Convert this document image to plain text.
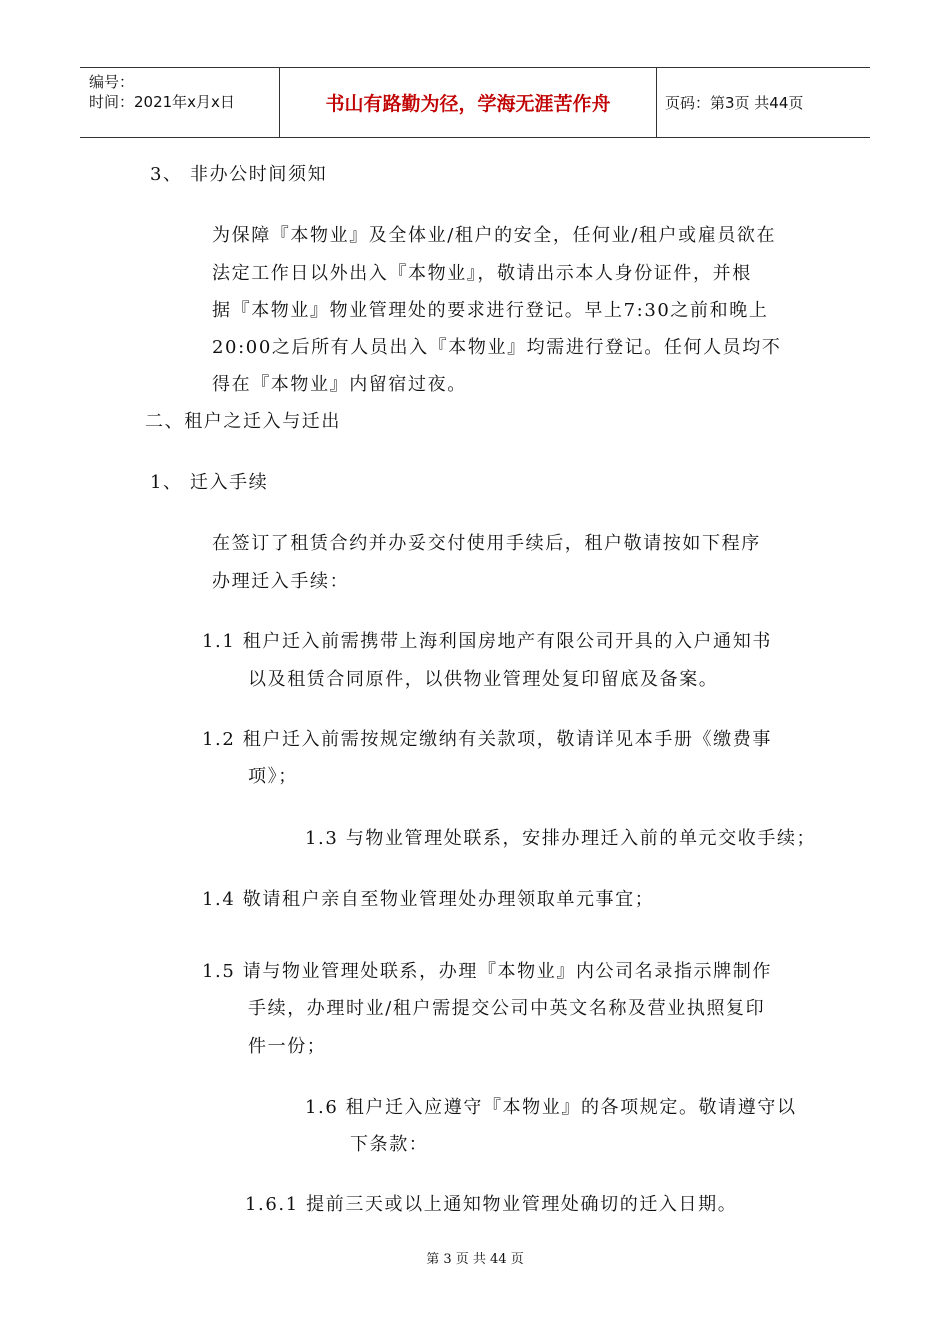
编号：
时间：2021年x月x日	书山有路勤为径，学海无涯苦作舟	页码：第3页 共44页
3、 非办公时间须知
为保障『本物业』及全体业/租户的安全，任何业/租户或雇员欲在
法定工作日以外出入『本物业』，敬请出示本人身份证件，并根
据『本物业』物业管理处的要求进行登记。早上7:30之前和晚上
20:00之后所有人员出入『本物业』均需进行登记。任何人员均不
得在『本物业』内留宿过夜。
二、租户之迁入与迁出
1、 迁入手续
在签订了租赁合约并办妥交付使用手续后，租户敬请按如下程序
办理迁入手续：
1.1 租户迁入前需携带上海利国房地产有限公司开具的入户通知书
以及租赁合同原件，以供物业管理处复印留底及备案。
1.2 租户迁入前需按规定缴纳有关款项，敬请详见本手册《缴费事
项》；
1.3 与物业管理处联系，安排办理迁入前的单元交收手续；
1.4 敬请租户亲自至物业管理处办理领取单元事宜；
1.5 请与物业管理处联系，办理『本物业』内公司名录指示牌制作
手续，办理时业/租户需提交公司中英文名称及营业执照复印
件一份；
1.6 租户迁入应遵守『本物业』的各项规定。敬请遵守以
下条款：
1.6.1 提前三天或以上通知物业管理处确切的迁入日期。
第 3 页 共 44 页
